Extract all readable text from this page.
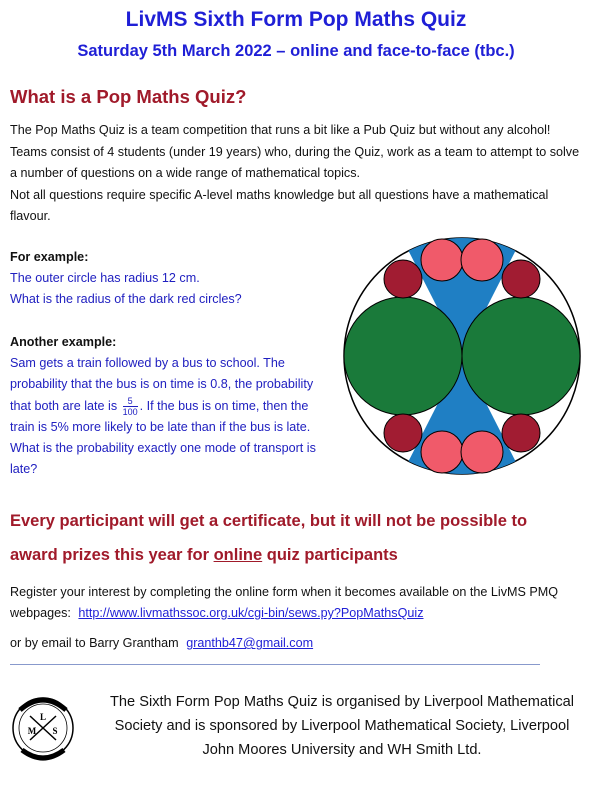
LivMS Sixth Form Pop Maths Quiz
Saturday 5th March 2022 – online and face-to-face (tbc.)
What is a Pop Maths Quiz?

The Pop Maths Quiz is a team competition that runs a bit like a Pub Quiz but without any alcohol! Teams consist of 4 students (under 19 years) who, during the Quiz, work as a team to attempt to solve a number of questions on a wide range of mathematical topics.

Not all questions require specific A-level maths knowledge but all questions have a mathematical flavour.

For example:
The outer circle has radius 12 cm.
What is the radius of the dark red circles?
Another example:
Sam gets a train followed by a bus to school. The probability that the bus is on time is 0.8, the probability that both are late is $\frac{5}{100}$ . If the bus is on time, then the train is 5% more likely to be late than if the bus is late. What is the probability exactly one mode of transport is late?
Every participant will get a certificate, but it will not be possible to
award prizes this year for online quiz participants
Register your interest by completing the online form when it becomes available on the LivMS PMQ webpages: http://www.livmathssoc.org.uk/cgi-bin/sews.py?PopMathsQuiz
or by email to Barry Grantham granthb47@gmail.com
L
M S
The Sixth Form Pop Maths Quiz is organised by Liverpool Mathematical Society and is sponsored by Liverpool Mathematical Society, Liverpool John Moores University and WH Smith Ltd.
